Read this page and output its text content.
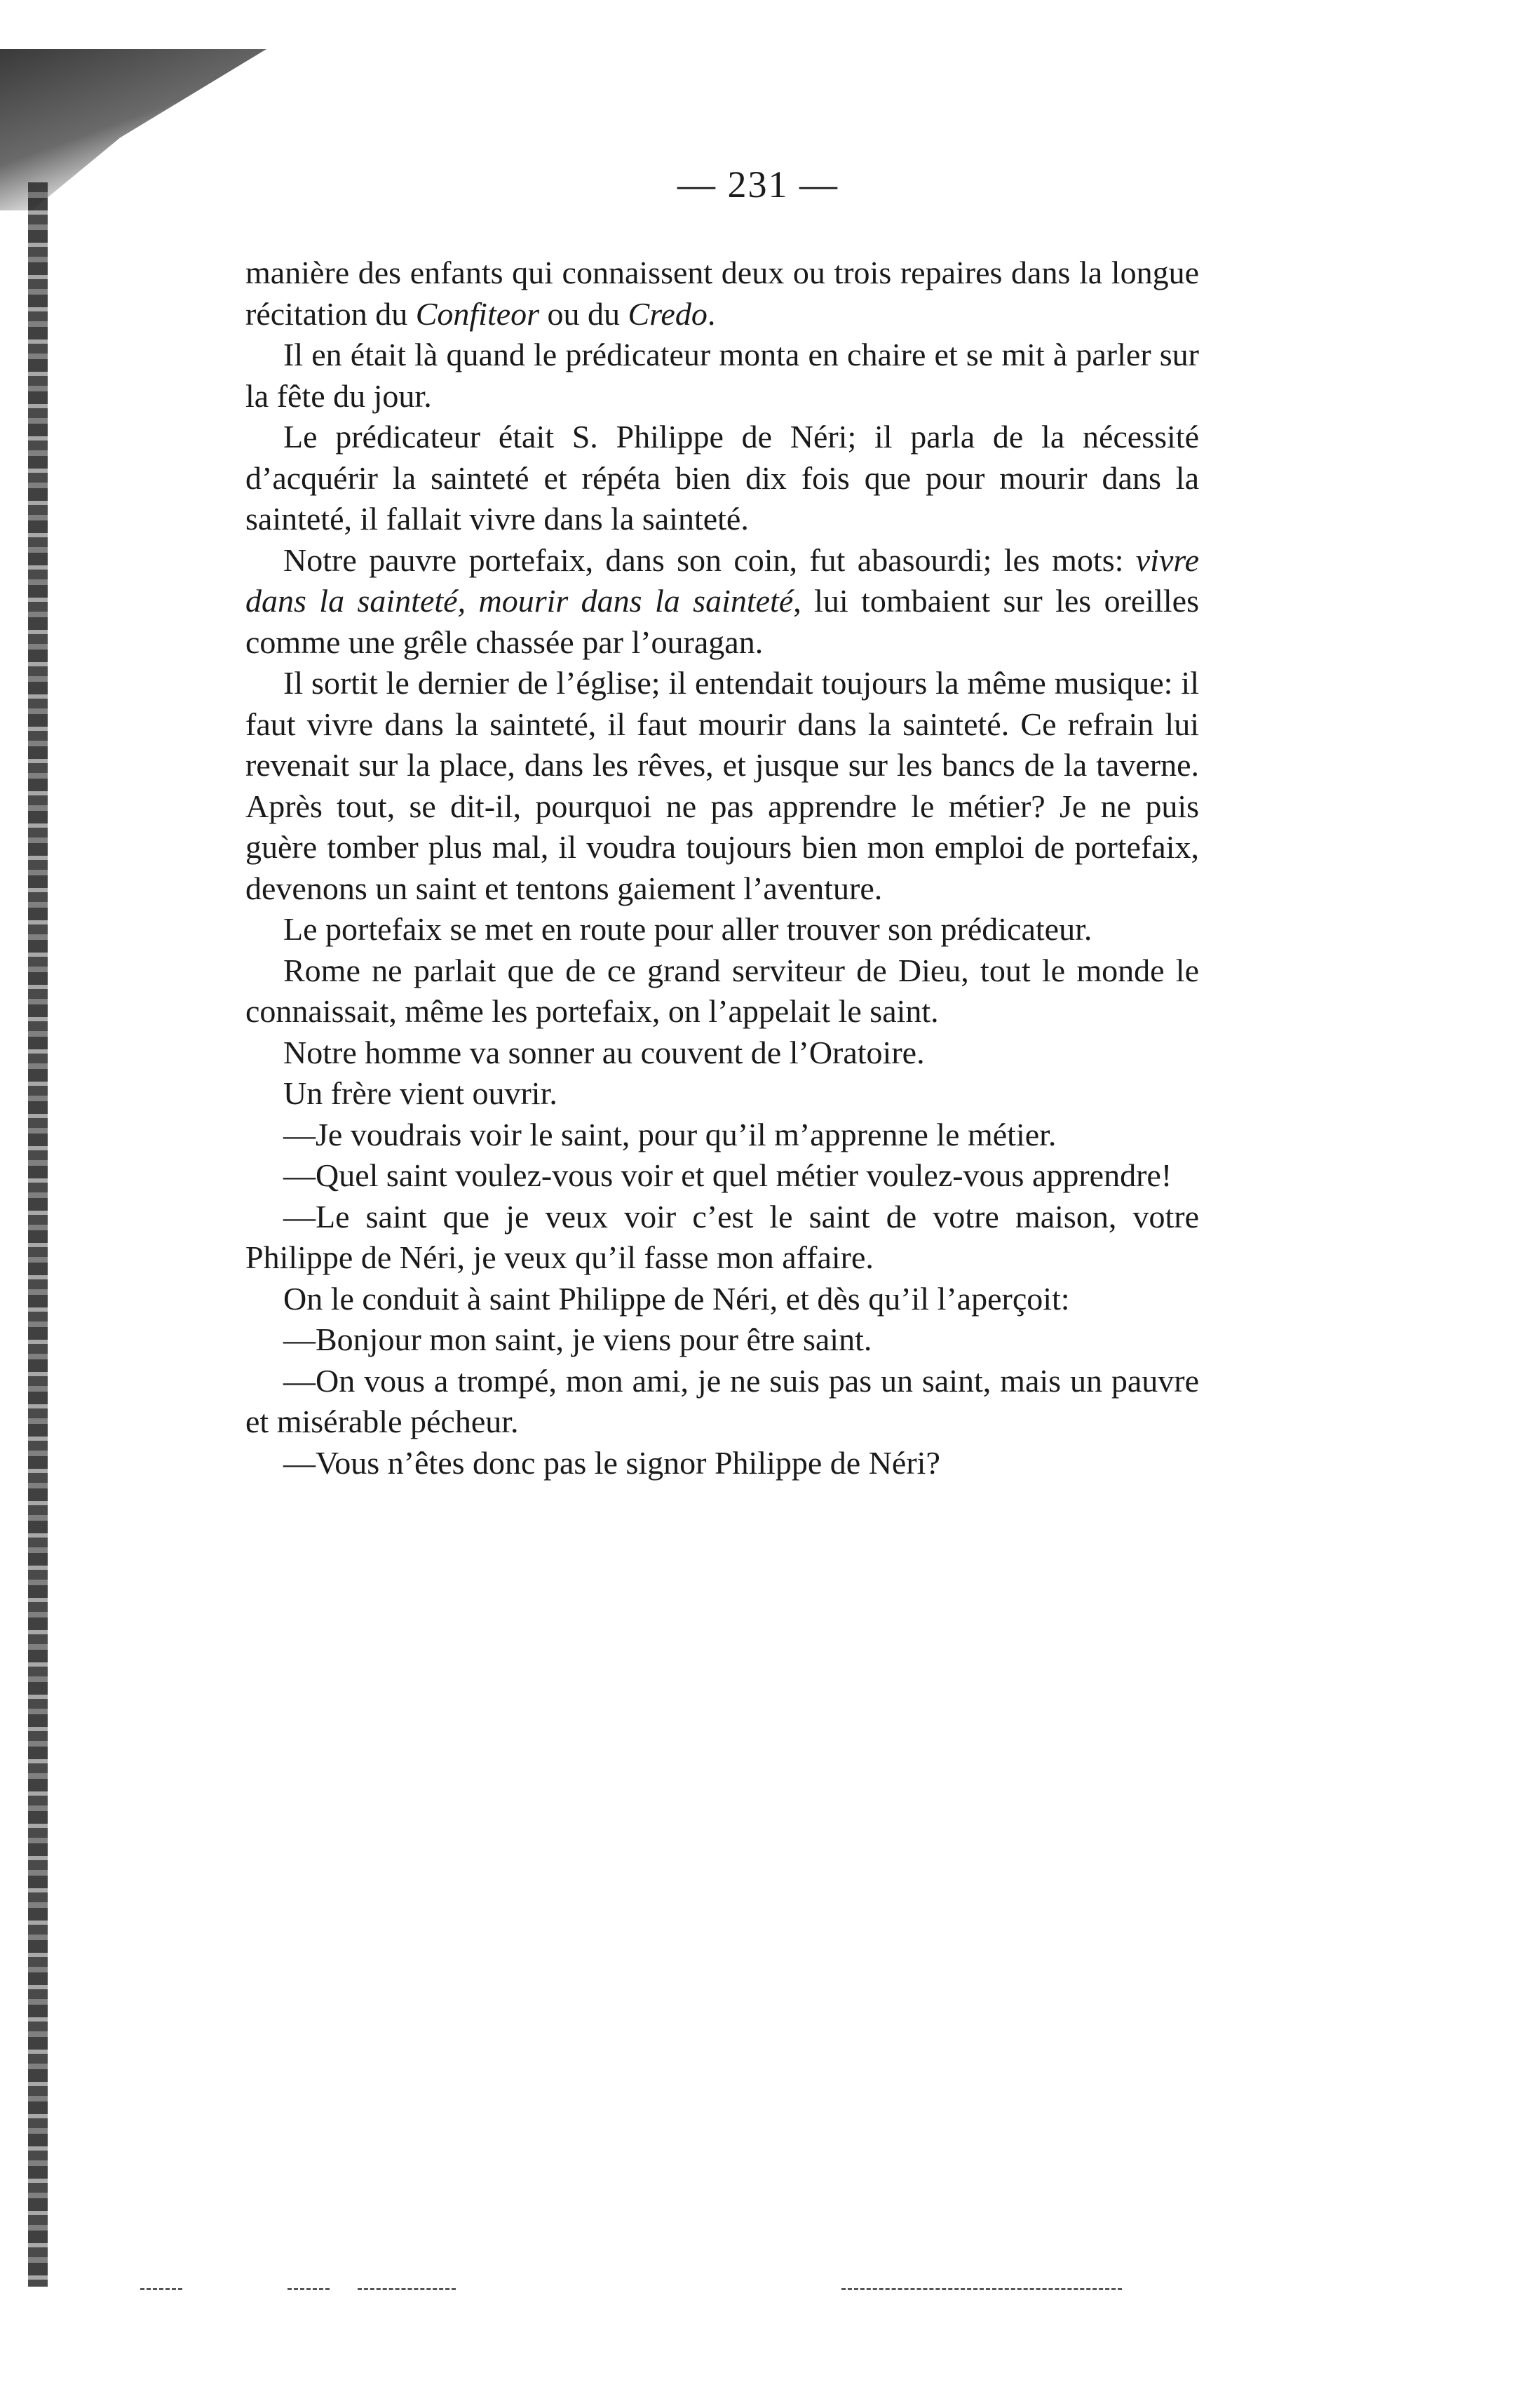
— 231 —

manière des enfants qui connaissent deux ou trois repaires dans la longue récitation du Confiteor ou du Credo.

Il en était là quand le prédicateur monta en chaire et se mit à parler sur la fête du jour.

Le prédicateur était S. Philippe de Néri; il parla de la nécessité d’acquérir la sainteté et répéta bien dix fois que pour mourir dans la sainteté, il fallait vivre dans la sainteté.

Notre pauvre portefaix, dans son coin, fut abasourdi; les mots: vivre dans la sainteté, mourir dans la sainteté, lui tombaient sur les oreilles comme une grêle chassée par l’ouragan.

Il sortit le dernier de l’église; il entendait toujours la même musique: il faut vivre dans la sainteté, il faut mourir dans la sainteté. Ce refrain lui revenait sur la place, dans les rêves, et jusque sur les bancs de la taverne. Après tout, se dit-il, pourquoi ne pas apprendre le métier? Je ne puis guère tomber plus mal, il voudra toujours bien mon emploi de portefaix, devenons un saint et tentons gaiement l’aventure.

Le portefaix se met en route pour aller trouver son prédicateur.

Rome ne parlait que de ce grand serviteur de Dieu, tout le monde le connaissait, même les portefaix, on l’appelait le saint.

Notre homme va sonner au couvent de l’Oratoire.

Un frère vient ouvrir.

—Je voudrais voir le saint, pour qu’il m’apprenne le métier.

—Quel saint voulez-vous voir et quel métier voulez-vous apprendre!

—Le saint que je veux voir c’est le saint de votre maison, votre Philippe de Néri, je veux qu’il fasse mon affaire.

On le conduit à saint Philippe de Néri, et dès qu’il l’aperçoit:

—Bonjour mon saint, je viens pour être saint.

—On vous a trompé, mon ami, je ne suis pas un saint, mais un pauvre et misérable pécheur.

—Vous n’êtes donc pas le signor Philippe de Néri?
